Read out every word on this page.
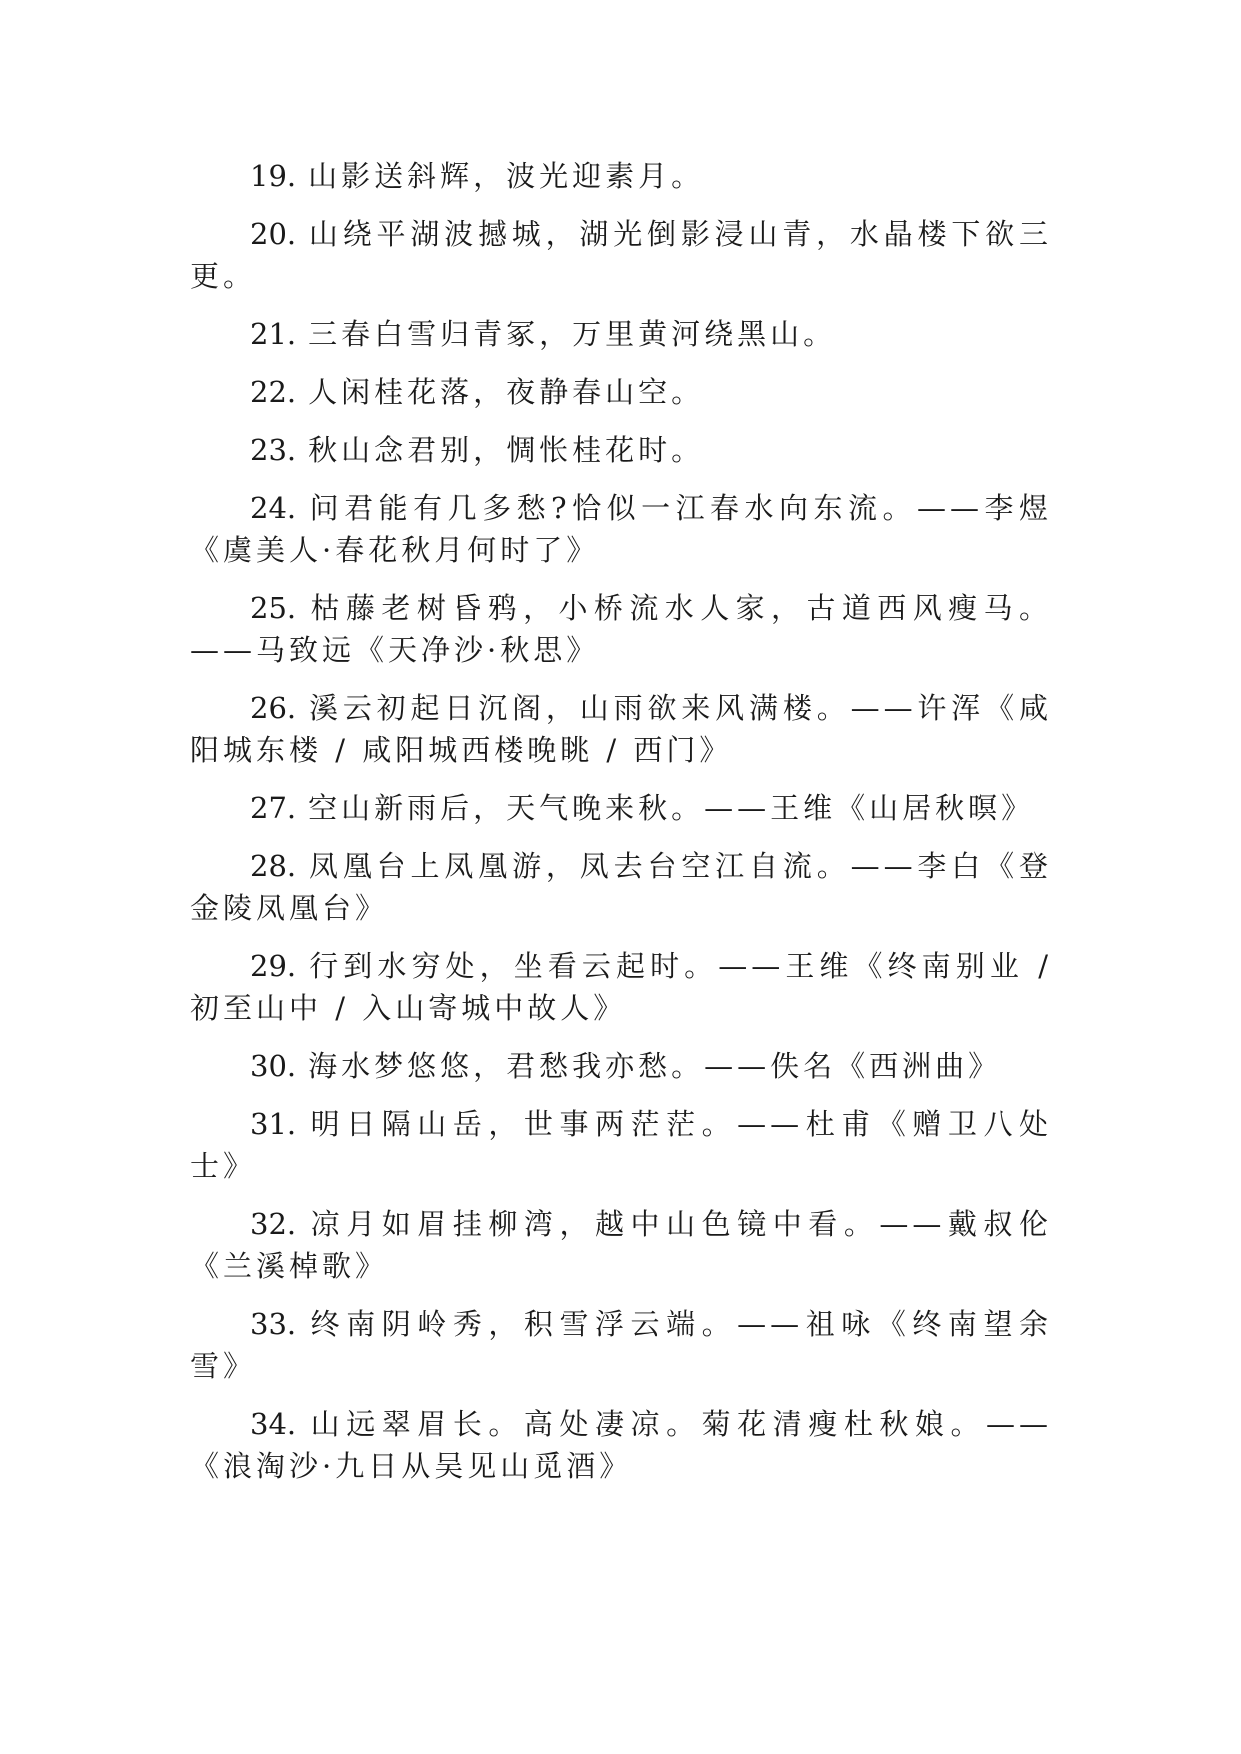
19. 山影送斜辉，波光迎素月。

20. 山绕平湖波撼城，湖光倒影浸山青，水晶楼下欲三更。

21. 三春白雪归青冢，万里黄河绕黑山。

22. 人闲桂花落，夜静春山空。

23. 秋山念君别，惆怅桂花时。

24. 问君能有几多愁?恰似一江春水向东流。——李煜《虞美人·春花秋月何时了》

25. 枯藤老树昏鸦，小桥流水人家，古道西风瘦马。——马致远《天净沙·秋思》

26. 溪云初起日沉阁，山雨欲来风满楼。——许浑《咸阳城东楼 / 咸阳城西楼晚眺 / 西门》

27. 空山新雨后，天气晚来秋。——王维《山居秋暝》

28. 凤凰台上凤凰游，凤去台空江自流。——李白《登金陵凤凰台》

29. 行到水穷处，坐看云起时。——王维《终南别业 / 初至山中 / 入山寄城中故人》

30. 海水梦悠悠，君愁我亦愁。——佚名《西洲曲》

31. 明日隔山岳，世事两茫茫。——杜甫《赠卫八处士》

32. 凉月如眉挂柳湾，越中山色镜中看。——戴叔伦《兰溪棹歌》

33. 终南阴岭秀，积雪浮云端。——祖咏《终南望余雪》

34. 山远翠眉长。高处凄凉。菊花清瘦杜秋娘。——《浪淘沙·九日从吴见山觅酒》
